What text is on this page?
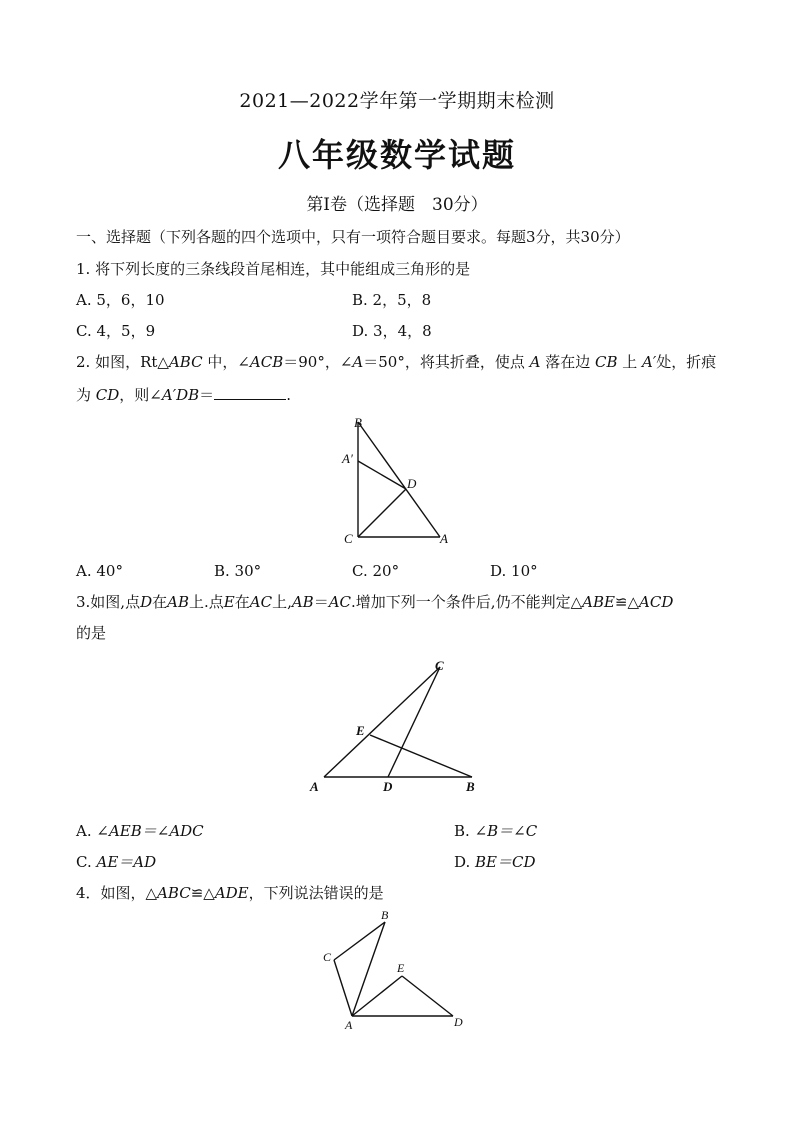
2021—2022学年第一学期期末检测
八年级数学试题
第Ⅰ卷（选择题　30分）
一、选择题（下列各题的四个选项中，只有一项符合题目要求。每题3分，共30分）
1. 将下列长度的三条线段首尾相连，其中能组成三角形的是
A. 5，6，10	B. 2，5，8
C. 4，5，9	D. 3，4，8
2. 如图，Rt△ABC 中，∠ACB＝90°，∠A＝50°，将其折叠，使点 A 落在边 CB 上 A′处，折痕
为 CD，则∠A′DB＝	.
B
A′
D
C	A
A. 40°	B. 30°	C. 20°	D. 10°
3.如图,点D在AB上.点E在AC上,AB＝AC.增加下列一个条件后,仍不能判定△ABE≌△ACD
的是
C
E
A	D	B
A. ∠AEB＝∠ADC	B. ∠B＝∠C
C. AE＝AD	D. BE＝CD
4．如图，△ABC≌△ADE，下列说法错误的是
B
C
E
A	D
